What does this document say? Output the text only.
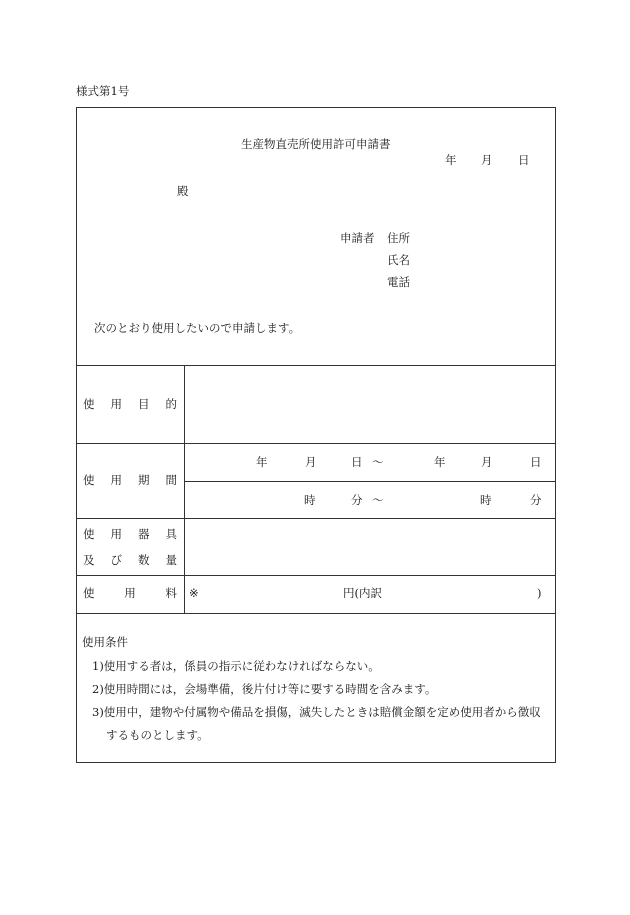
様式第1号
生産物直売所使用許可申請書
年 月 日
殿
申請者 住所
氏名
電話
次のとおり使用したいので申請します。
使 用 目 的
使 用 期 間
年	月	日 ～	年	月	日
時	分 ～	時	分
使 用 器 具
及 び 数 量
使	用	料 ※	円(内訳	)
使用条件
1)使用する者は，係員の指示に従わなければならない。
2)使用時間には，会場準備，後片付け等に要する時間を含みます。
3)使用中，建物や付属物や備品を損傷，滅失したときは賠償金額を定め使用者から徴収
するものとします。
